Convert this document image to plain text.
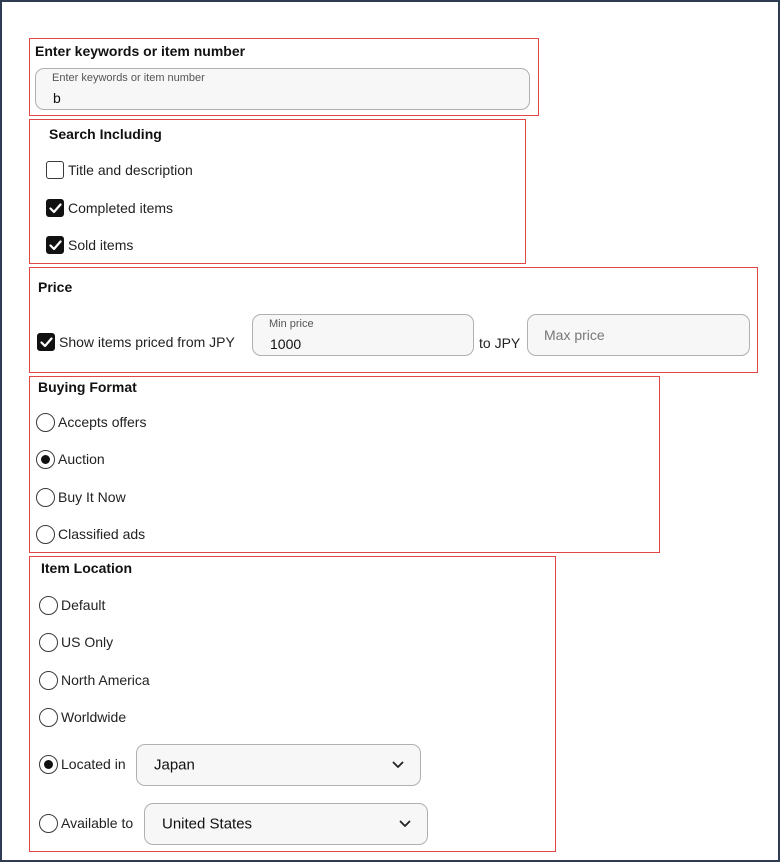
Enter keywords or item number
Enter keywords or item number
b
Search Including
Title and description
Completed items
Sold items
Price
Show items priced from JPY
Min price
1000	to JPY Max price
Buying Format
Accepts offers
Auction
Buy It Now
Classified ads
Item Location
Default
US Only
North America
Worldwide
Located in Japan
Available to United States
